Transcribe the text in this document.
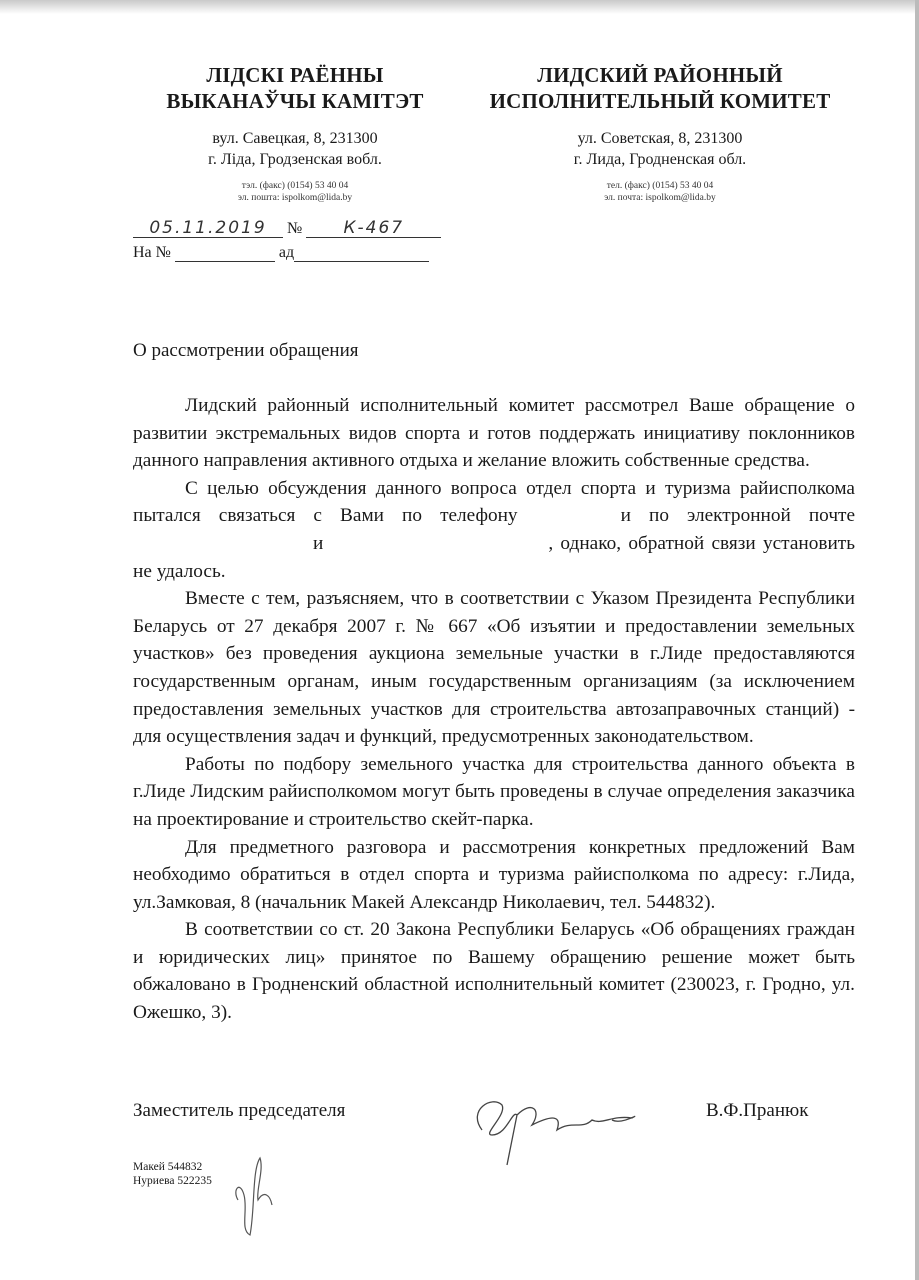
ЛІДСКІ РАЁННЫ
ВЫКАНАЎЧЫ КАМІТЭТ
вул. Савецкая, 8, 231300
г. Ліда, Гродзенская вобл.
тэл. (факс) (0154) 53 40 04
эл. пошта: ispolkom@lida.by
ЛИДСКИЙ РАЙОННЫЙ
ИСПОЛНИТЕЛЬНЫЙ КОМИТЕТ
ул. Советская, 8, 231300
г. Лида, Гродненская обл.
тел. (факс) (0154) 53 40 04
эл. почта: ispolkom@lida.by
05.11.2019 № К-467
На №	ад
О рассмотрении обращения

Лидский районный исполнительный комитет рассмотрел Ваше обращение о развитии экстремальных видов спорта и готов поддержать инициативу поклонников данного направления активного отдыха и желание вложить собственные средства.

С целью обсуждения данного вопроса отдел спорта и туризма райисполкома пытался связаться с Вами по телефону	и по электронной почтеи	, однако, обратной связи установить не удалось.

Вместе с тем, разъясняем, что в соответствии с Указом Президента Республики Беларусь от 27 декабря 2007 г. № 667 «Об изъятии и предоставлении земельных участков» без проведения аукциона земельные участки в г.Лиде предоставляются государственным органам, иным государственным организациям (за исключением предоставления земельных участков для строительства автозаправочных станций) - для осуществления задач и функций, предусмотренных законодательством.

Работы по подбору земельного участка для строительства данного объекта в г.Лиде Лидским райисполкомом могут быть проведены в случае определения заказчика на проектирование и строительство скейт-парка.

Для предметного разговора и рассмотрения конкретных предложений Вам необходимо обратиться в отдел спорта и туризма райисполкома по адресу: г.Лида, ул.Замковая, 8 (начальник Макей Александр Николаевич, тел. 544832).

В соответствии со ст. 20 Закона Республики Беларусь «Об обращениях граждан и юридических лиц» принятое по Вашему обращению решение может быть обжаловано в Гродненский областной исполнительный комитет (230023, г. Гродно, ул. Ожешко, 3).

Заместитель председателя	В.Ф.Пранюк
Макей 544832
Нуриева 522235
